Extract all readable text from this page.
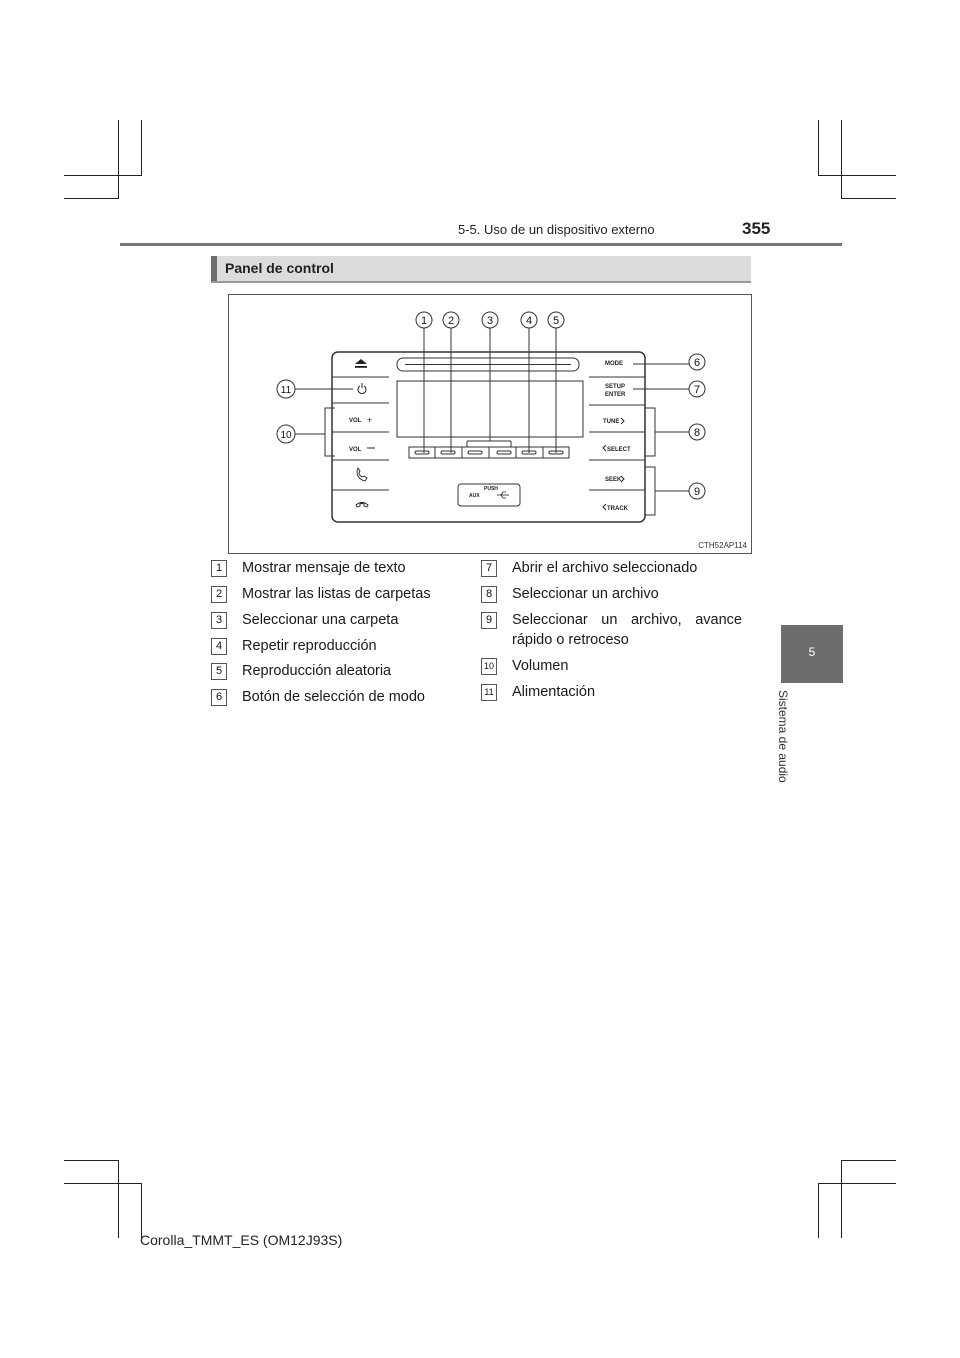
5-5. Uso de un dispositivo externo	355
5
Sistema de audio
Panel de control
PUSH
AUX
VOL +
VOL
MODE
SETUP
ENTER
TUNE
SELECT
SEEK
TRACK
1 2	3	4 5
6
7
8
9
10
11
CTH52AP114
1	Mostrar mensaje de texto
2	Mostrar las listas de carpetas
3	Seleccionar una carpeta
4	Repetir reproducción
5	Reproducción aleatoria
6	Botón de selección de modo
7	Abrir el archivo seleccionado
8	Seleccionar un archivo
9	Seleccionar un archivo, avance rápido o retroceso
10 Volumen
11 Alimentación
Corolla_TMMT_ES (OM12J93S)
